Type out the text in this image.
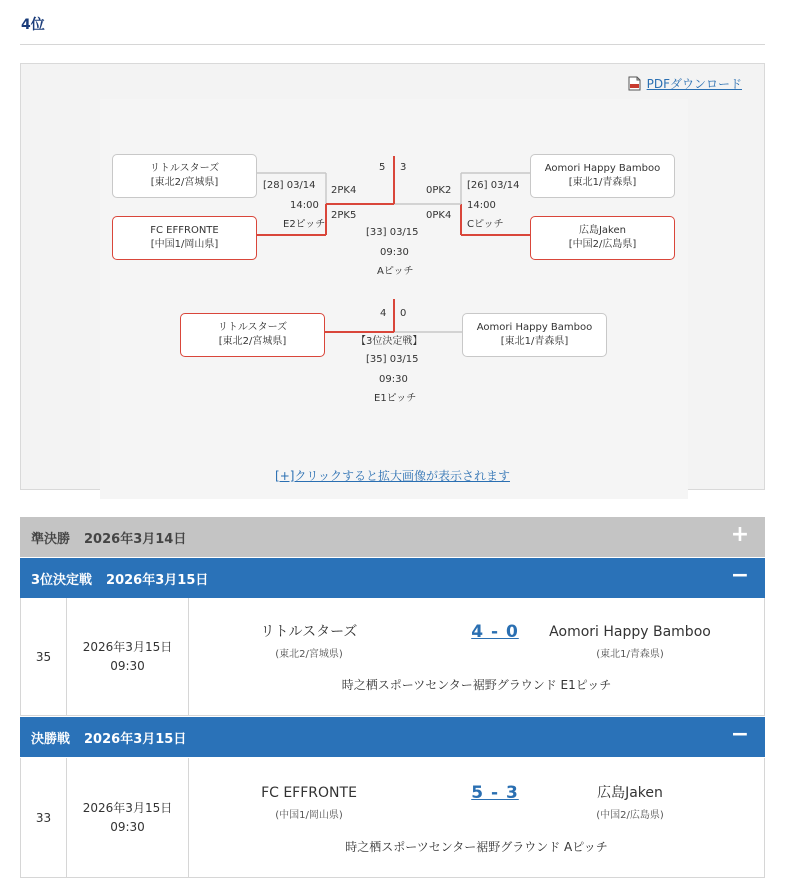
4位
PDFダウンロード
リトルスターズ
[東北2/宮城県]
FC EFFRONTE
[中国1/岡山県]
Aomori Happy Bamboo
[東北1/青森県]
広島Jaken
[中国2/広島県]
[28] 03/14
14:00
E2ピッチ
2PK4
2PK5
[26] 03/14
14:00
Cピッチ
0PK2
0PK4
5 3
[33] 03/15
09:30
Aピッチ
リトルスターズ
[東北2/宮城県]
Aomori Happy Bamboo
[東北1/青森県]
4 0
【3位決定戦】
[35] 03/15
09:30
E1ピッチ
[+]クリックすると拡大画像が表示されます
準決勝 2026年3月14日	+
3位決定戦 2026年3月15日	−
35
2026年3月15日
09:30
リトルスターズ
(東北2/宮城県)
4 - 0	Aomori Happy Bamboo
(東北1/青森県)
時之栖スポーツセンター裾野グラウンド E1ピッチ
決勝戦 2026年3月15日	−
33
2026年3月15日
09:30
FC EFFRONTE
(中国1/岡山県)
5 - 3	広島Jaken
(中国2/広島県)
時之栖スポーツセンター裾野グラウンド Aピッチ
